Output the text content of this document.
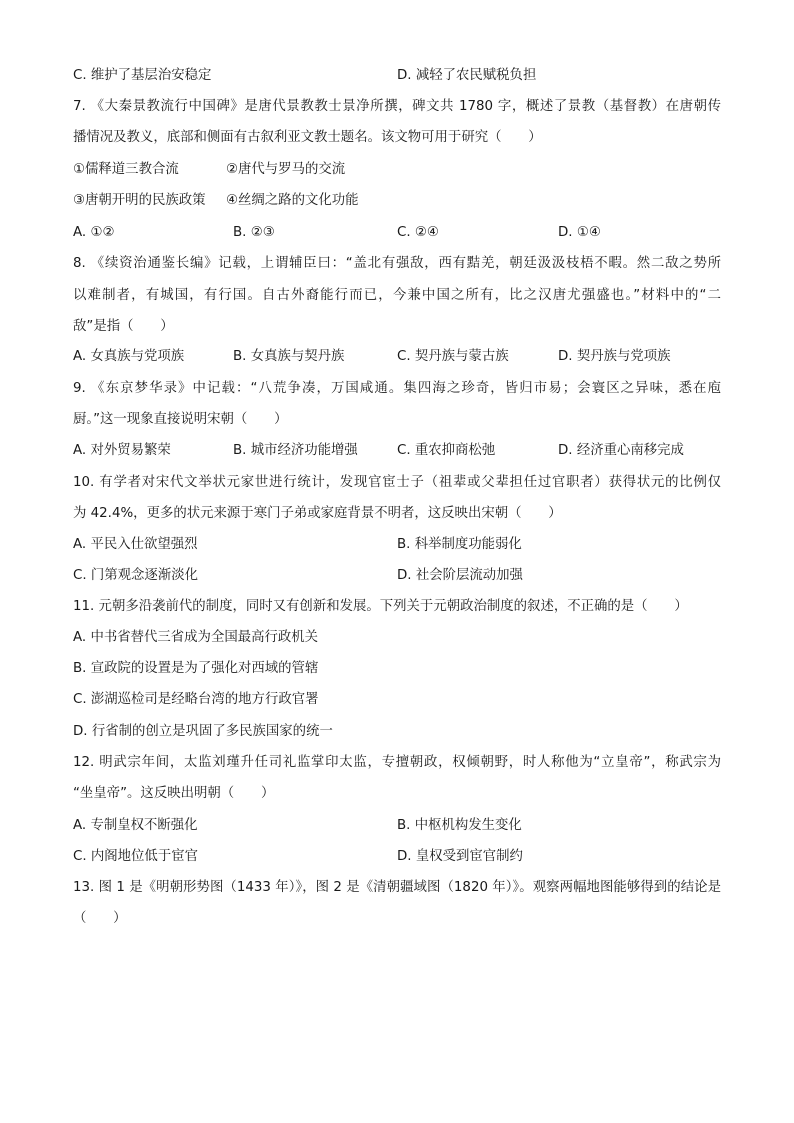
C. 维护了基层治安稳定	D. 减轻了农民赋税负担
7. 《大秦景教流行中国碑》是唐代景教教士景净所撰，碑文共 1780 字，概述了景教（基督教）在唐朝传
播情况及教义，底部和侧面有古叙利亚文教士题名。该文物可用于研究（　　）
①儒释道三教合流	②唐代与罗马的交流
③唐朝开明的民族政策 ④丝绸之路的文化功能
A. ①②	B. ②③	C. ②④	D. ①④
8. 《续资治通鉴长编》记载，上谓辅臣曰：“盖北有强敌，西有黠羌，朝廷汲汲枝梧不暇。然二敌之势所
以难制者，有城国，有行国。自古外裔能行而已，今兼中国之所有，比之汉唐尤强盛也。”材料中的“二
敌”是指（　　）
A. 女真族与党项族	B. 女真族与契丹族	C. 契丹族与蒙古族	D. 契丹族与党项族
9. 《东京梦华录》中记载：“八荒争凑，万国咸通。集四海之珍奇，皆归市易；会寰区之异味，悉在庖
厨。”这一现象直接说明宋朝（　　）
A. 对外贸易繁荣	B. 城市经济功能增强	C. 重农抑商松弛	D. 经济重心南移完成
10. 有学者对宋代文举状元家世进行统计，发现官宦士子（祖辈或父辈担任过官职者）获得状元的比例仅
为 42.4%，更多的状元来源于寒门子弟或家庭背景不明者，这反映出宋朝（　　）
A. 平民入仕欲望强烈	B. 科举制度功能弱化
C. 门第观念逐渐淡化	D. 社会阶层流动加强
11. 元朝多沿袭前代的制度，同时又有创新和发展。下列关于元朝政治制度的叙述，不正确的是（　　）
A. 中书省替代三省成为全国最高行政机关
B. 宣政院的设置是为了强化对西域的管辖
C. 澎湖巡检司是经略台湾的地方行政官署
D. 行省制的创立是巩固了多民族国家的统一
12. 明武宗年间，太监刘瑾升任司礼监掌印太监，专擅朝政，权倾朝野，时人称他为“立皇帝”，称武宗为
“坐皇帝”。这反映出明朝（　　）
A. 专制皇权不断强化	B. 中枢机构发生变化
C. 内阁地位低于宦官	D. 皇权受到宦官制约
13. 图 1 是《明朝形势图（1433 年）》，图 2 是《清朝疆域图（1820 年）》。观察两幅地图能够得到的结论是
（　　）
